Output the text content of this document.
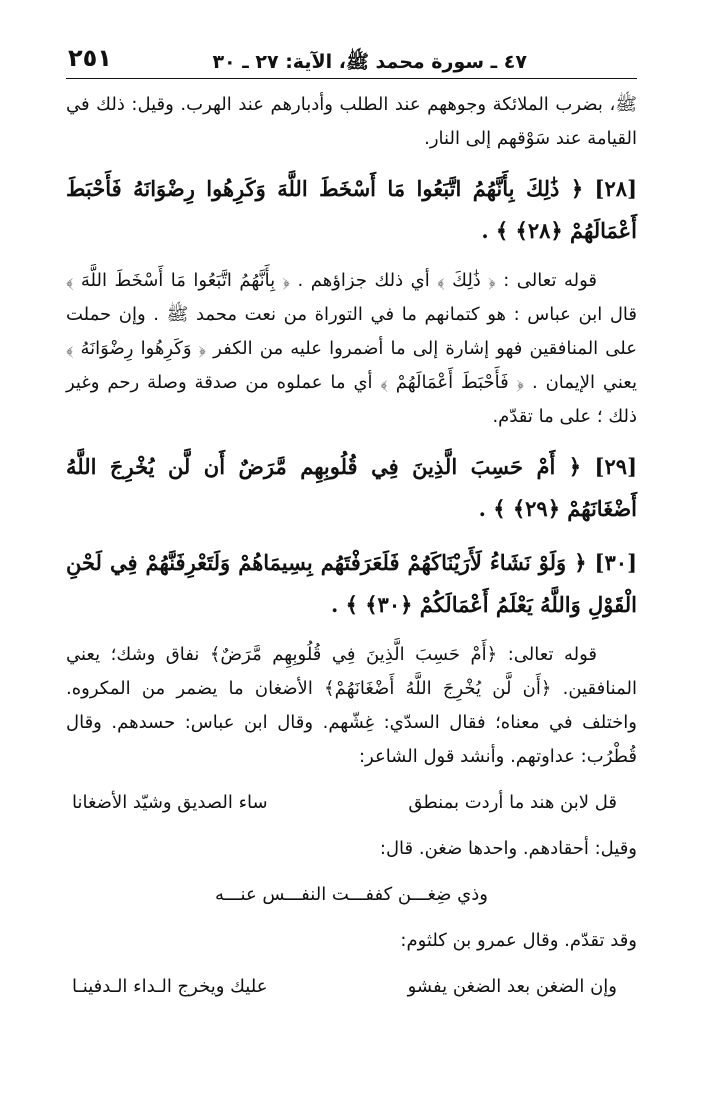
٢٥١	٤٧ ـ سورة محمد ﷺ، الآية: ٢٧ ـ ٣٠

ﷺ، بضرب الملائكة وجوههم عند الطلب وأدبارهم عند الهرب. وقيل: ذلك في القيامة عند سَوْقهم إلى النار.

[٢٨] ﴿ ذَٰلِكَ بِأَنَّهُمُ اتَّبَعُوا مَا أَسْخَطَ اللَّهَ وَكَرِهُوا رِضْوَانَهُ فَأَحْبَطَ أَعْمَالَهُمْ ﴿٢٨﴾ ﴾ .

قوله تعالى : ﴿ ذَٰلِكَ ﴾ أي ذلك جزاؤهم . ﴿ بِأَنَّهُمُ اتَّبَعُوا مَا أَسْخَطَ اللَّهَ ﴾ قال ابن عباس : هو كتمانهم ما في التوراة من نعت محمد ﷺ . وإن حملت على المنافقين فهو إشارة إلى ما أضمروا عليه من الكفر ﴿ وَكَرِهُوا رِضْوَانَهُ ﴾ يعني الإيمان . ﴿ فَأَحْبَطَ أَعْمَالَهُمْ ﴾ أي ما عملوه من صدقة وصلة رحم وغير ذلك ؛ على ما تقدّم.

[٢٩] ﴿ أَمْ حَسِبَ الَّذِينَ فِي قُلُوبِهِم مَّرَضٌ أَن لَّن يُخْرِجَ اللَّهُ أَضْغَانَهُمْ ﴿٢٩﴾ ﴾ .

[٣٠] ﴿ وَلَوْ نَشَاءُ لَأَرَيْنَاكَهُمْ فَلَعَرَفْتَهُم بِسِيمَاهُمْ وَلَتَعْرِفَنَّهُمْ فِي لَحْنِ الْقَوْلِ وَاللَّهُ يَعْلَمُ أَعْمَالَكُمْ ﴿٣٠﴾ ﴾ .

قوله تعالى: ﴿أَمْ حَسِبَ الَّذِينَ فِي قُلُوبِهِم مَّرَضٌ﴾ نفاق وشك؛ يعني المنافقين. ﴿أَن لَّن يُخْرِجَ اللَّهُ أَضْغَانَهُمْ﴾ الأضغان ما يضمر من المكروه. واختلف في معناه؛ فقال السدّي: غِشّهم. وقال ابن عباس: حسدهم. وقال قُطْرُب: عداوتهم. وأنشد قول الشاعر:

قل لابن هند ما أردت بمنطق
ساء الصديق وشيّد الأضغانا

وقيل: أحقادهم. واحدها ضغن. قال:

وذي ضِغـــن كففـــت النفـــس عنـــه

وقد تقدّم. وقال عمرو بن كلثوم:

وإن الضغن بعد الضغن يفشو
عليك ويخرج الـداء الـدفينـا
